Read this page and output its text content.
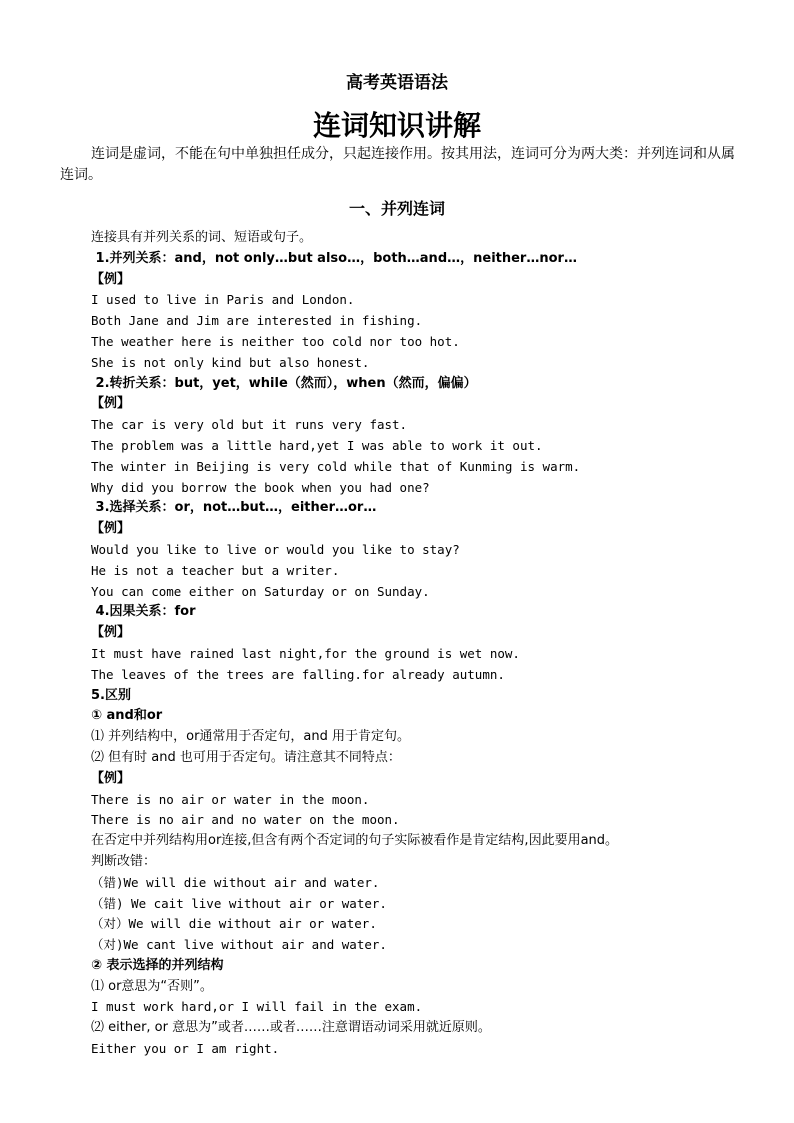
高考英语语法
连词知识讲解
连词是虚词，不能在句中单独担任成分，只起连接作用。按其用法，连词可分为两大类：并列连词和从属连词。
一、并列连词
连接具有并列关系的词、短语或句子。
1.并列关系：and，not only…but also…，both…and…，neither…nor…
【例】
I used to live in Paris and London.
Both Jane and Jim are interested in fishing.
The weather here is neither too cold nor too hot.
She is not only kind but also honest.
2.转折关系：but，yet，while（然而），when（然而，偏偏）
【例】
The car is very old but it runs very fast.
The problem was a little hard,yet I was able to work it out.
The winter in Beijing is very cold while that of Kunming is warm.
Why did you borrow the book when you had one?
3.选择关系：or，not…but…，either…or…
【例】
Would you like to live or would you like to stay?
He is not a teacher but a writer.
You can come either on Saturday or on Sunday.
4.因果关系：for
【例】
It must have rained last night,for the ground is wet now.
The leaves of the trees are falling.for already autumn.
5.区别
① and和or
⑴ 并列结构中，or通常用于否定句，and 用于肯定句。
⑵ 但有时 and 也可用于否定句。请注意其不同特点：
【例】
There is no air or water in the moon.
There is no air and no water on the moon.
在否定中并列结构用or连接,但含有两个否定词的句子实际被看作是肯定结构,因此要用and。
判断改错：
（错)We will die without air and water.
（错) We cait live without air or water.
（对）We will die without air or water.
（对)We cant live without air and water.
② 表示选择的并列结构
⑴ or意思为“否则”。
I must work hard,or I will fail in the exam.
⑵ either, or 意思为”或者……或者……注意谓语动词采用就近原则。
Either you or I am right.
